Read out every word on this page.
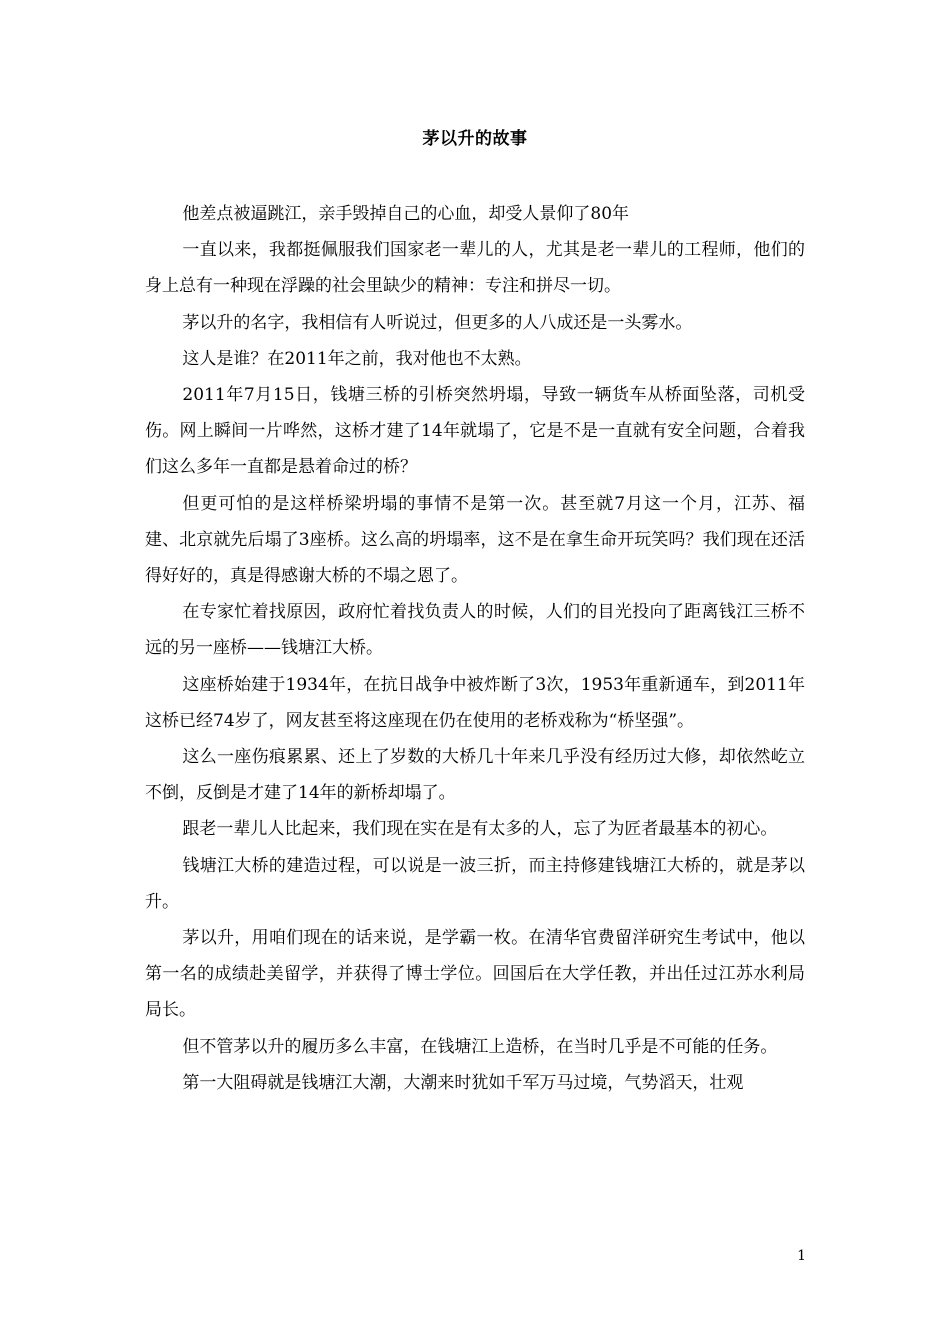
茅以升的故事

他差点被逼跳江，亲手毁掉自己的心血，却受人景仰了80年

一直以来，我都挺佩服我们国家老一辈儿的人，尤其是老一辈儿的工程师，他们的身上总有一种现在浮躁的社会里缺少的精神：专注和拼尽一切。

茅以升的名字，我相信有人听说过，但更多的人八成还是一头雾水。

这人是谁？在2011年之前，我对他也不太熟。

2011年7月15日，钱塘三桥的引桥突然坍塌，导致一辆货车从桥面坠落，司机受伤。网上瞬间一片哗然，这桥才建了14年就塌了，它是不是一直就有安全问题，合着我们这么多年一直都是悬着命过的桥？

但更可怕的是这样桥梁坍塌的事情不是第一次。甚至就7月这一个月，江苏、福建、北京就先后塌了3座桥。这么高的坍塌率，这不是在拿生命开玩笑吗？我们现在还活得好好的，真是得感谢大桥的不塌之恩了。

在专家忙着找原因，政府忙着找负责人的时候，人们的目光投向了距离钱江三桥不远的另一座桥——钱塘江大桥。

这座桥始建于1934年，在抗日战争中被炸断了3次，1953年重新通车，到2011年这桥已经74岁了，网友甚至将这座现在仍在使用的老桥戏称为“桥坚强”。

这么一座伤痕累累、还上了岁数的大桥几十年来几乎没有经历过大修，却依然屹立不倒，反倒是才建了14年的新桥却塌了。

跟老一辈儿人比起来，我们现在实在是有太多的人，忘了为匠者最基本的初心。

钱塘江大桥的建造过程，可以说是一波三折，而主持修建钱塘江大桥的，就是茅以升。

茅以升，用咱们现在的话来说，是学霸一枚。在清华官费留洋研究生考试中，他以第一名的成绩赴美留学，并获得了博士学位。回国后在大学任教，并出任过江苏水利局局长。

但不管茅以升的履历多么丰富，在钱塘江上造桥，在当时几乎是不可能的任务。

第一大阻碍就是钱塘江大潮，大潮来时犹如千军万马过境，气势滔天，壮观

1
